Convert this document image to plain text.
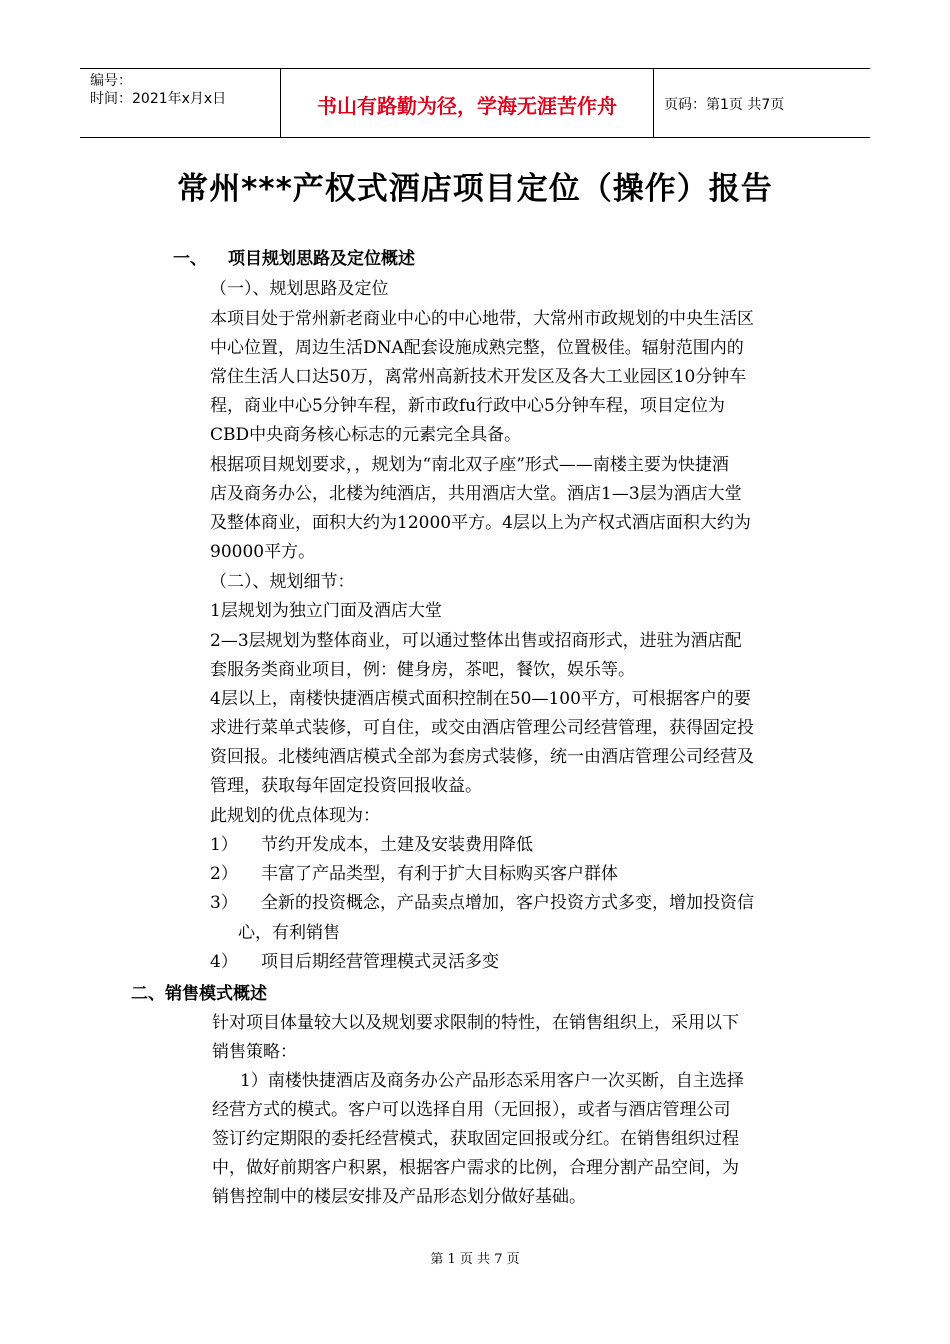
编号：
时间：2021年x月x日	书山有路勤为径，学海无涯苦作舟	页码：第1页 共7页
常州***产权式酒店项目定位（操作）报告
一、 项目规划思路及定位概述
（一）、规划思路及定位
本项目处于常州新老商业中心的中心地带，大常州市政规划的中央生活区
中心位置，周边生活DNA配套设施成熟完整，位置极佳。辐射范围内的
常住生活人口达50万，离常州高新技术开发区及各大工业园区10分钟车
程，商业中心5分钟车程，新市政fu行政中心5分钟车程，项目定位为
CBD中央商务核心标志的元素完全具备。
根据项目规划要求，，规划为“南北双子座”形式——南楼主要为快捷酒
店及商务办公，北楼为纯酒店，共用酒店大堂。酒店1—3层为酒店大堂
及整体商业，面积大约为12000平方。4层以上为产权式酒店面积大约为
90000平方。
（二）、规划细节：
1层规划为独立门面及酒店大堂
2—3层规划为整体商业，可以通过整体出售或招商形式，进驻为酒店配
套服务类商业项目，例：健身房，茶吧，餐饮，娱乐等。
4层以上，南楼快捷酒店模式面积控制在50—100平方，可根据客户的要
求进行菜单式装修，可自住，或交由酒店管理公司经营管理，获得固定投
资回报。北楼纯酒店模式全部为套房式装修，统一由酒店管理公司经营及
管理，获取每年固定投资回报收益。
此规划的优点体现为：
1） 节约开发成本，土建及安装费用降低
2） 丰富了产品类型，有利于扩大目标购买客户群体
3） 全新的投资概念，产品卖点增加，客户投资方式多变，增加投资信
心，有利销售
4） 项目后期经营管理模式灵活多变
二、销售模式概述
针对项目体量较大以及规划要求限制的特性，在销售组织上，采用以下
销售策略：
1）南楼快捷酒店及商务办公产品形态采用客户一次买断，自主选择
经营方式的模式。客户可以选择自用（无回报），或者与酒店管理公司
签订约定期限的委托经营模式，获取固定回报或分红。在销售组织过程
中，做好前期客户积累，根据客户需求的比例，合理分割产品空间，为
销售控制中的楼层安排及产品形态划分做好基础。
第 1 页 共 7 页
